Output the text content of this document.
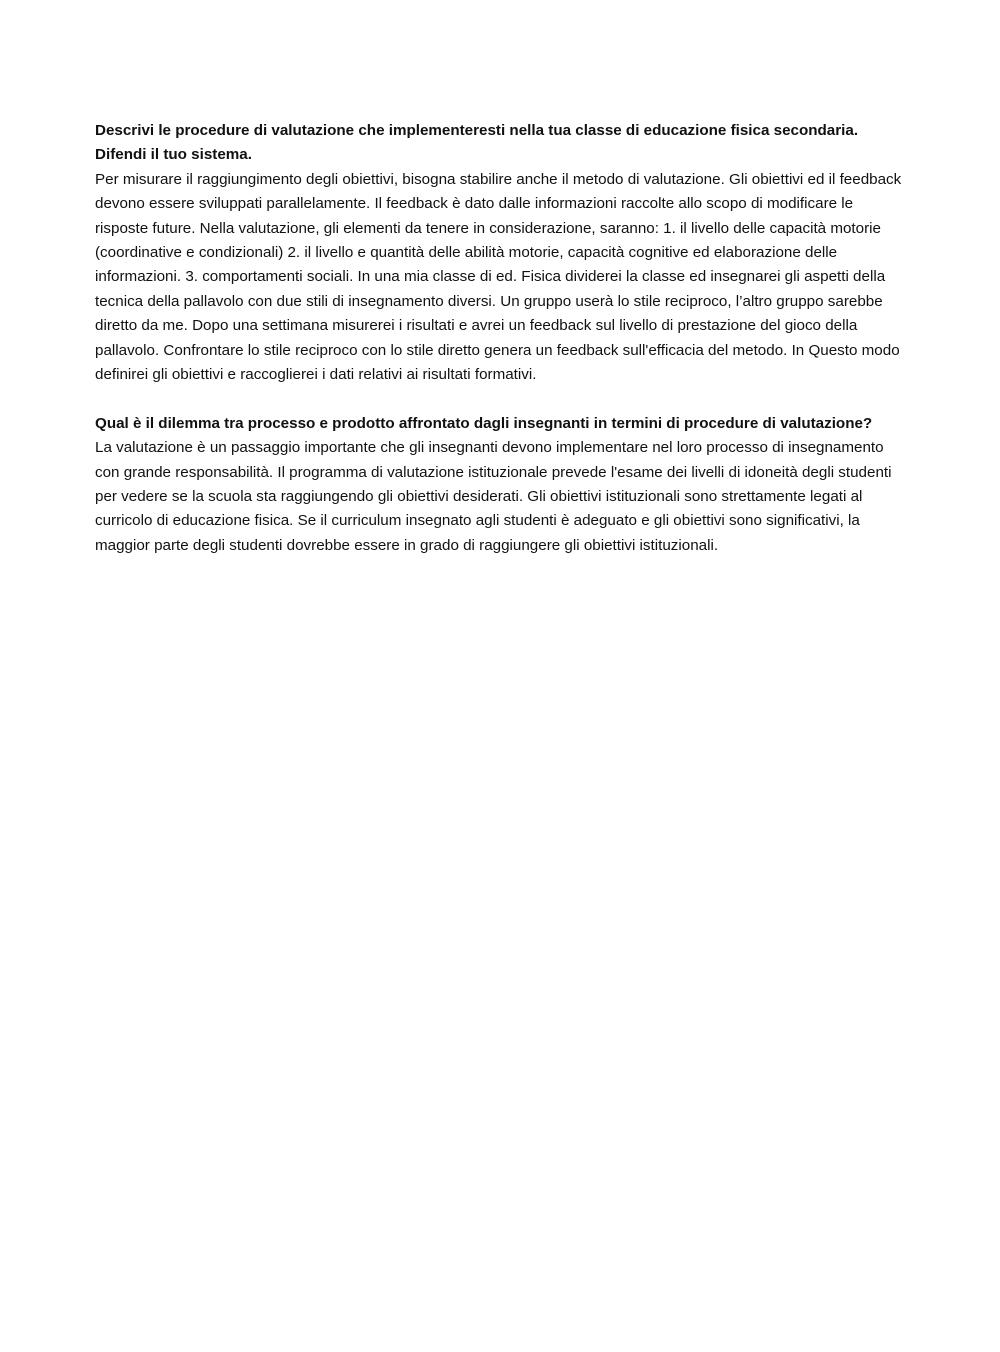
Descrivi le procedure di valutazione che implementeresti nella tua classe di educazione fisica secondaria. Difendi il tuo sistema.

Per misurare il raggiungimento degli obiettivi, bisogna stabilire anche il metodo di valutazione. Gli obiettivi ed il feedback devono essere sviluppati parallelamente. Il feedback è dato dalle informazioni raccolte allo scopo di modificare le risposte future. Nella valutazione, gli elementi da tenere in considerazione, saranno: 1. il livello delle capacità motorie (coordinative e condizionali) 2. il livello e quantità delle abilità motorie, capacità cognitive ed elaborazione delle informazioni. 3. comportamenti sociali. In una mia classe di ed. Fisica dividerei la classe ed insegnarei gli aspetti della tecnica della pallavolo con due stili di insegnamento diversi. Un gruppo userà lo stile reciproco, l’altro gruppo sarebbe diretto da me. Dopo una settimana misurerei i risultati e avrei un feedback sul livello di prestazione del gioco della pallavolo. Confrontare lo stile reciproco con lo stile diretto genera un feedback sull'efficacia del metodo. In Questo modo definirei gli obiettivi e raccoglierei i dati relativi ai risultati formativi.

Qual è il dilemma tra processo e prodotto affrontato dagli insegnanti in termini di procedure di valutazione?

La valutazione è un passaggio importante che gli insegnanti devono implementare nel loro processo di insegnamento con grande responsabilità. Il programma di valutazione istituzionale prevede l'esame dei livelli di idoneità degli studenti per vedere se la scuola sta raggiungendo gli obiettivi desiderati. Gli obiettivi istituzionali sono strettamente legati al curricolo di educazione fisica. Se il curriculum insegnato agli studenti è adeguato e gli obiettivi sono significativi, la maggior parte degli studenti dovrebbe essere in grado di raggiungere gli obiettivi istituzionali.
